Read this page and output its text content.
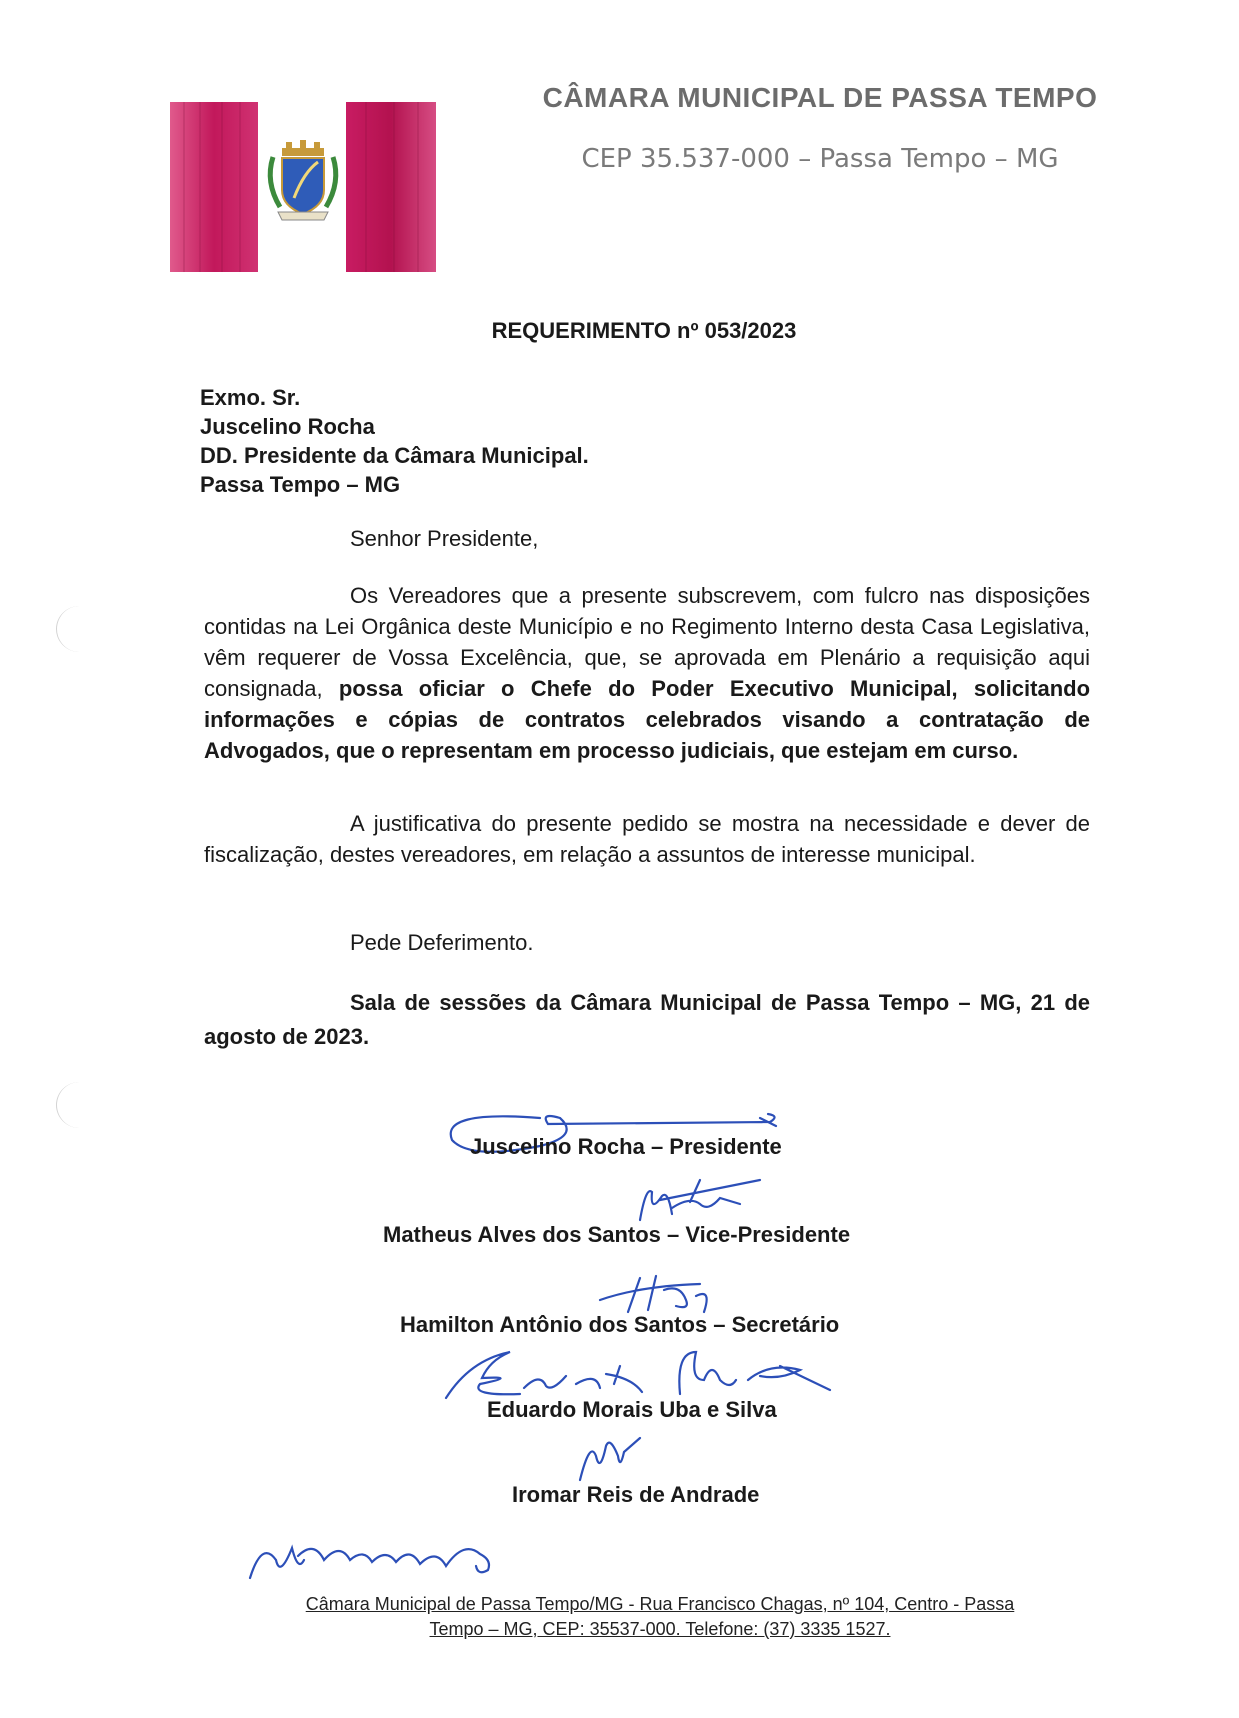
CÂMARA MUNICIPAL DE PASSA TEMPO
CEP 35.537-000 – Passa Tempo – MG
REQUERIMENTO nº 053/2023
Exmo. Sr.
Juscelino Rocha
DD. Presidente da Câmara Municipal.
Passa Tempo – MG
Senhor Presidente,
Os Vereadores que a presente subscrevem, com fulcro nas disposições contidas na Lei Orgânica deste Município e no Regimento Interno desta Casa Legislativa, vêm requerer de Vossa Excelência, que, se aprovada em Plenário a requisição aqui consignada, possa oficiar o Chefe do Poder Executivo Municipal, solicitando informações e cópias de contratos celebrados visando a contratação de Advogados, que o representam em processo judiciais, que estejam em curso.
A justificativa do presente pedido se mostra na necessidade e dever de fiscalização, destes vereadores, em relação a assuntos de interesse municipal.
Pede Deferimento.
Sala de sessões da Câmara Municipal de Passa Tempo – MG, 21 de agosto de 2023.
Juscelino Rocha – Presidente
Matheus Alves dos Santos – Vice-Presidente
Hamilton Antônio dos Santos – Secretário
Eduardo Morais Uba e Silva
Iromar Reis de Andrade
Câmara Municipal de Passa Tempo/MG - Rua Francisco Chagas, nº 104, Centro - Passa
Tempo – MG, CEP: 35537-000. Telefone: (37) 3335 1527.
